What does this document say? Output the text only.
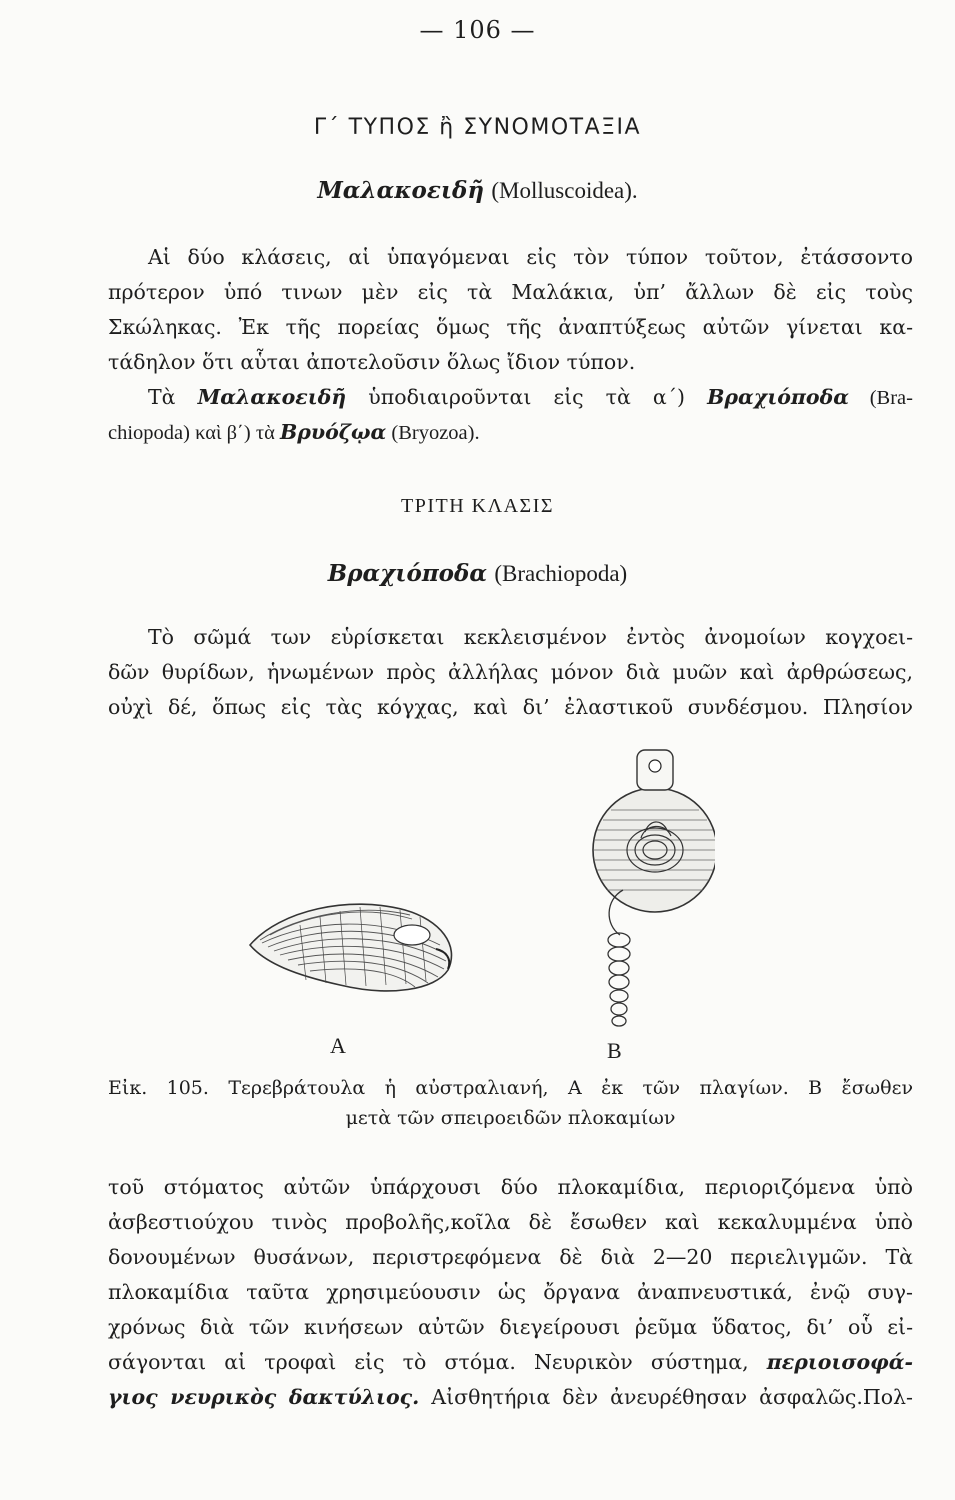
— 106 —
Γ΄ ΤΥΠΟΣ ἢ ΣΥΝΟΜΟΤΑΞΙΑ
Μαλακοειδῆ (Molluscoidea).
Αἱ δύο κλάσεις, αἱ ὑπαγόμεναι εἰς τὸν τύπον τοῦτον, ἐτάσσοντο
πρότερον ὑπό τινων μὲν εἰς τὰ Μαλάκια, ὑπ’ ἄλλων δὲ εἰς τοὺς
Σκώληκας. Ἐκ τῆς πορείας ὅμως τῆς ἀναπτύξεως αὐτῶν γίνεται κα-
τάδηλον ὅτι αὗται ἀποτελοῦσιν ὅλως ἴδιον τύπον.
Τὰ Μαλακοειδῆ ὑποδιαιροῦνται εἰς τὰ α΄) Βραχιόποδα (Bra-
chiopoda) καὶ β΄) τὰ Βρυόζῳα (Bryozoa).
ΤΡΙΤΗ ΚΛΑΣΙΣ
Βραχιόποδα (Brachiopoda)
Τὸ σῶμά των εὑρίσκεται κεκλεισμένον ἐντὸς ἀνομοίων κογχοει-
δῶν θυρίδων, ἡνωμένων πρὸς ἀλλήλας μόνον διὰ μυῶν καὶ ἀρθρώσεως,
οὐχὶ δέ, ὅπως εἰς τὰς κόγχας, καὶ δι’ ἐλαστικοῦ συνδέσμου. Πλησίον
A	B
Εἰκ. 105. Τερεβράτουλα ἡ αὐστραλιανή, Α ἐκ τῶν πλαγίων. Β ἔσωθεν
μετὰ τῶν σπειροειδῶν πλοκαμίων
τοῦ στόματος αὐτῶν ὑπάρχουσι δύο πλοκαμίδια, περιοριζόμενα ὑπὸ
ἀσβεστιούχου τινὸς προβολῆς,κοῖλα δὲ ἔσωθεν καὶ κεκαλυμμένα ὑπὸ
δονουμένων θυσάνων, περιστρεφόμενα δὲ διὰ 2—20 περιελιγμῶν. Τὰ
πλοκαμίδια ταῦτα χρησιμεύουσιν ὡς ὄργανα ἀναπνευστικά, ἐνῷ συγ-
χρόνως διὰ τῶν κινήσεων αὐτῶν διεγείρουσι ῥεῦμα ὕδατος, δι’ οὗ εἰ-
σάγονται αἱ τροφαὶ εἰς τὸ στόμα. Νευρικὸν σύστημα, περιοισοφά-
γιος νευρικὸς δακτύλιος. Αἰσθητήρια δὲν ἀνευρέθησαν ἀσφαλῶς.Πολ-
